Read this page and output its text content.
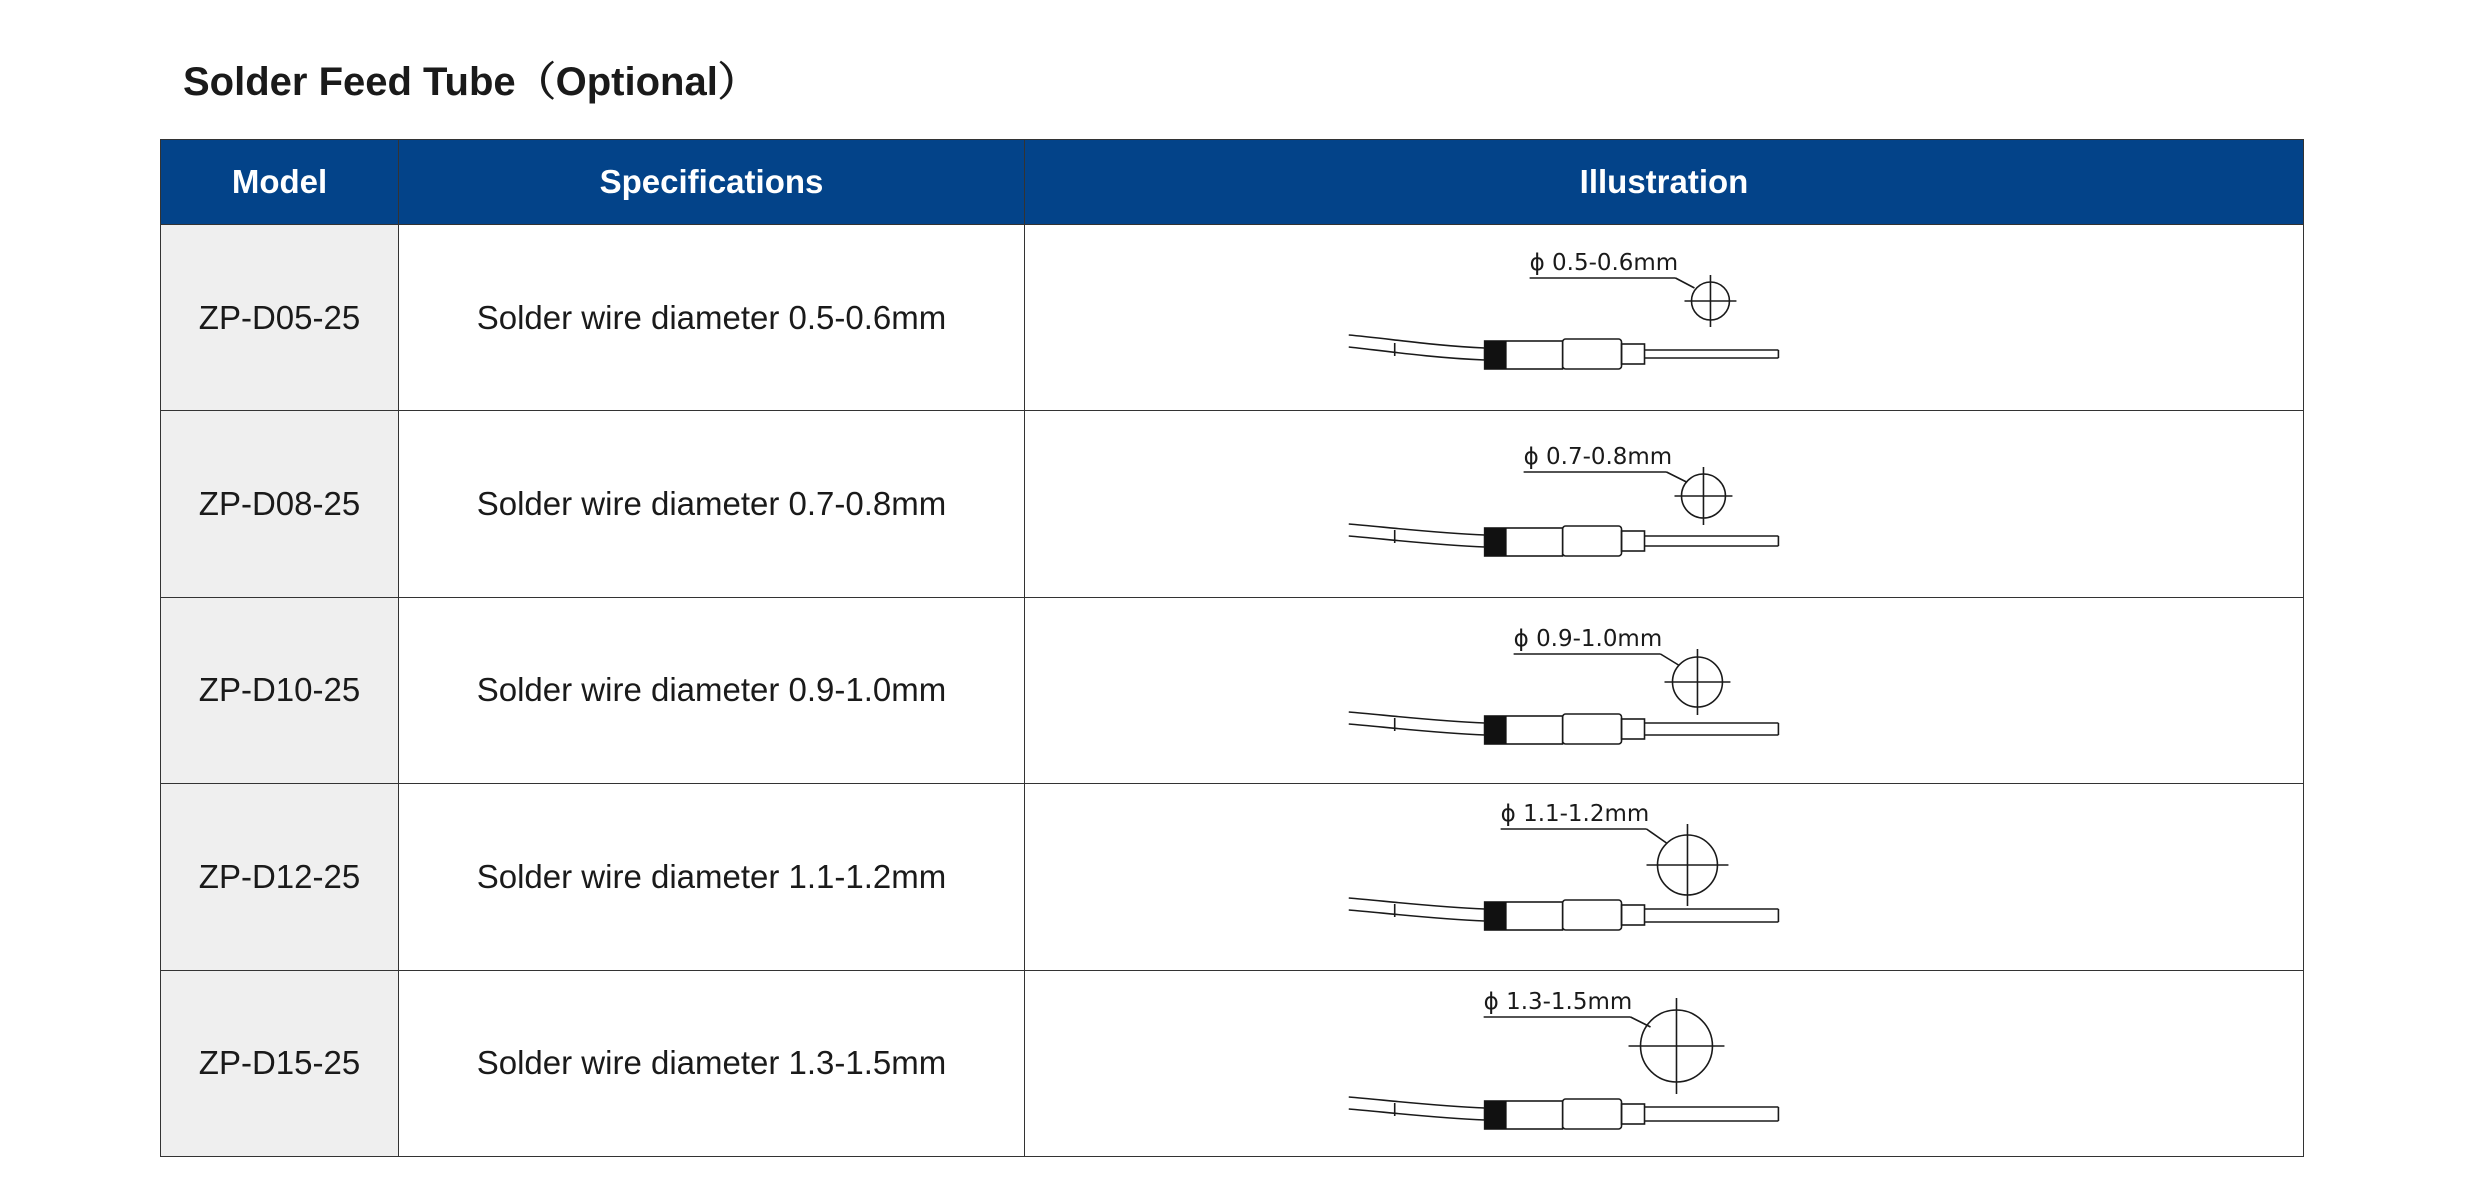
Solder Feed Tube（Optional）
Model	Specifications	Illustration
ZP-D05-25	Solder wire diameter 0.5-0.6mm	ϕ 0.5-0.6mm

ZP-D08-25	Solder wire diameter 0.7-0.8mm	ϕ 0.7-0.8mm

ZP-D10-25	Solder wire diameter 0.9-1.0mm	ϕ 0.9-1.0mm

ZP-D12-25	Solder wire diameter 1.1-1.2mm	ϕ 1.1-1.2mm

ZP-D15-25	Solder wire diameter 1.3-1.5mm	ϕ 1.3-1.5mm
